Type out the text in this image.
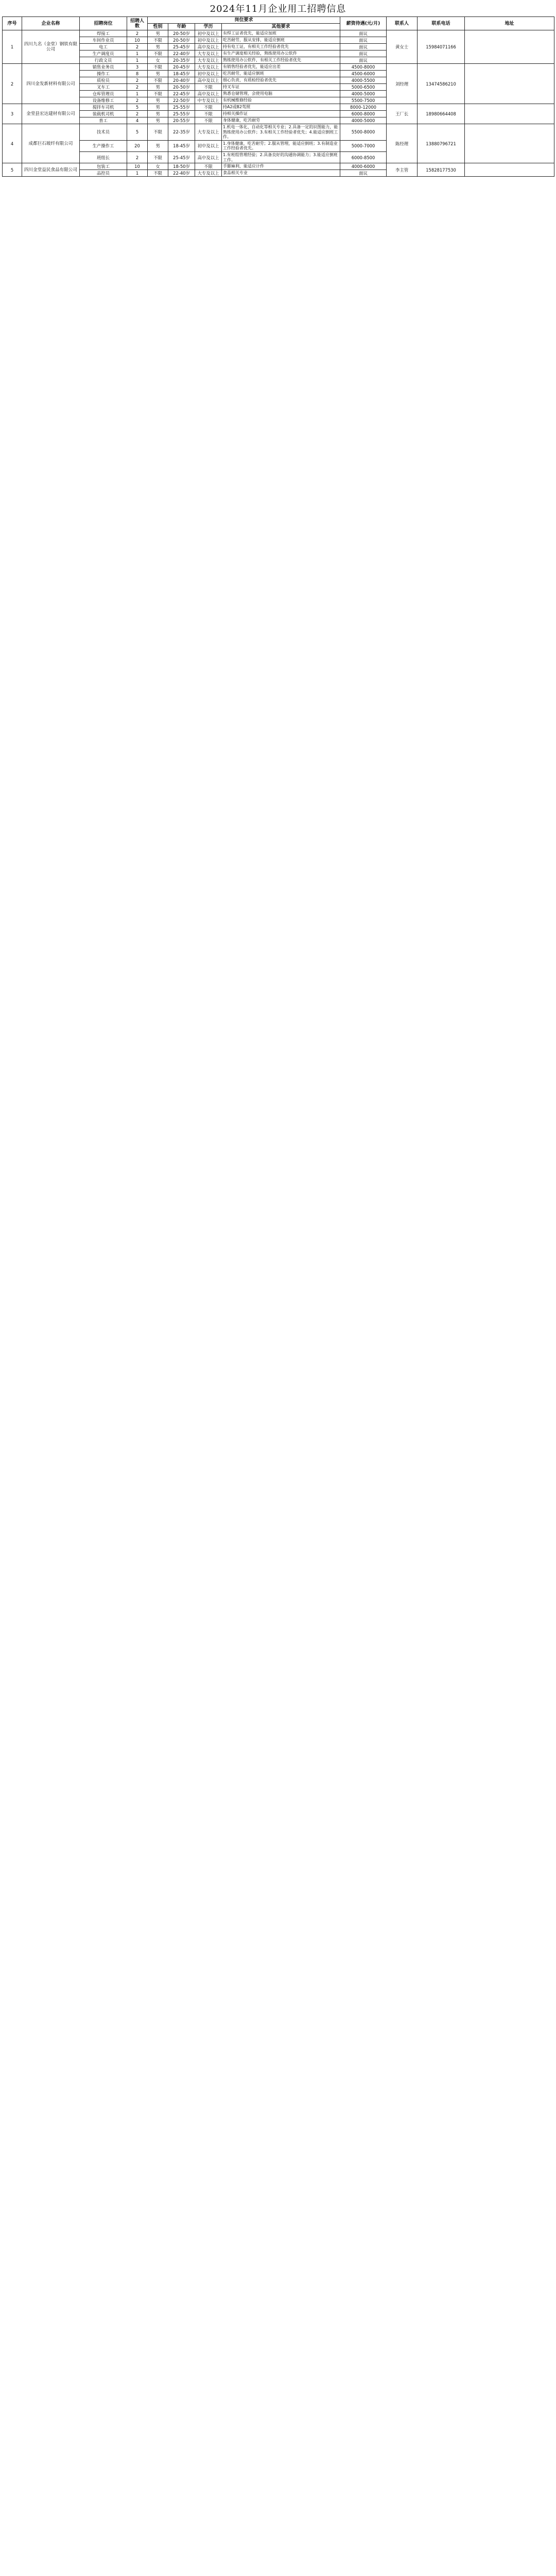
2024年11月企业用工招聘信息
序号	企业名称	招聘岗位	招聘人数	岗位要求				薪资待遇(元/月)	联系人	联系电话	地址
				性别	年龄	学历	其他要求				
1	四川九名（金堂）钢铁有限公司	焊接工	2	男	20-50岁	初中及以上	有焊工证者优先，能适应加班	面议	黄女士	15984071166	
		车间作业员	10	不限	20-50岁	初中及以上	吃苦耐劳，服从安排，能适应倒班	面议			
		电工	2	男	25-45岁	高中及以上	持有电工证，有相关工作经验者优先	面议			
		生产调度员	1	不限	22-40岁	大专及以上	有生产调度相关经验，熟练使用办公软件	面议			
		行政文员	1	女	20-35岁	大专及以上	熟练使用办公软件，有相关工作经验者优先	面议			
2	四川金发新材料有限公司	销售业务员	3	不限	20-45岁	大专及以上	有销售经验者优先，能适应出差	4500-8000	刘经理	13474586210	
		操作工	8	男	18-45岁	初中及以上	吃苦耐劳，能适应倒班	4500-6000			
		质检员	2	不限	20-40岁	高中及以上	细心负责，有质检经验者优先	4000-5500			
		叉车工	2	男	20-50岁	不限	持叉车证	5000-6500			
		仓库管理员	1	不限	22-45岁	高中及以上	熟悉仓储管理，会使用电脑	4000-5000			
		设备维修工	2	男	22-50岁	中专及以上	有机械维修经验	5500-7500			
3	金堂县宏达建材有限公司	搅拌车司机	5	男	25-55岁	不限	持A2或B2驾照	8000-12000	王厂长	18980664408	
		装载机司机	2	男	25-55岁	不限	持相关操作证	6000-8000			
		普工	4	男	20-55岁	不限	身体健康，吃苦耐劳	4000-5000			
4	成都巨石玻纤有限公司	技术员	5	不限	22-35岁	大专及以上	1.机电一体化、自动化等相关专业；2.具备一定的识图能力，能熟练使用办公软件；3.有相关工作经验者优先；4.能适应倒班工作。	5500-8000	陈经理	13880796721	
		生产操作工	20	男	18-45岁	初中及以上	1.身体健康，吃苦耐劳；2.服从管理，能适应倒班；3.有制造业工作经验者优先。	5000-7000			
		班组长	2	不限	25-45岁	高中及以上	1.有班组管理经验；2.具备良好的沟通协调能力；3.能适应倒班工作。	6000-8500			
5	四川金堂益民食品有限公司	包装工	10	女	18-50岁	不限	手脚麻利，能适应计件	4000-6000	李主管	15828177530	
		品控员	1	不限	22-40岁	大专及以上	食品相关专业	面议			
